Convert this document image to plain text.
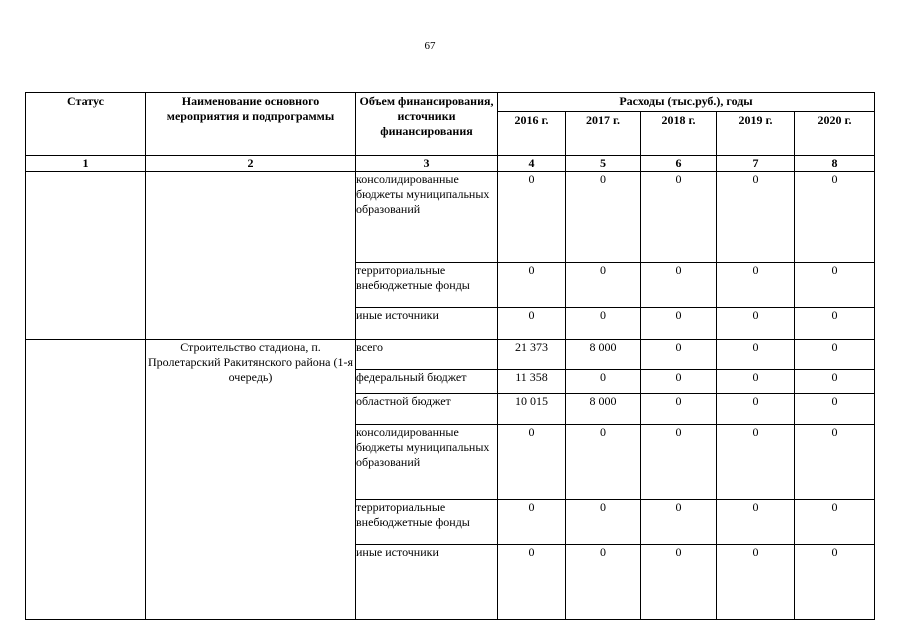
67
Статус	Наименование основного мероприятия и подпрограммы	Объем финансирования, источники финансирования	Расходы (тыс.руб.), годы				
			2016 г.	2017 г.	2018 г.	2019 г.	2020 г.
1	2	3	4	5	6	7	8
		консолидированные бюджеты муниципальных образований	0	0	0	0	0
		территориальные внебюджетные фонды	0	0	0	0	0
		иные источники	0	0	0	0	0
	Строительство стадиона, п. Пролетарский Ракитянского района (1-я очередь)	всего	21 373	8 000	0	0	0
		федеральный бюджет	11 358	0	0	0	0
		областной бюджет	10 015	8 000	0	0	0
		консолидированные бюджеты муниципальных образований	0	0	0	0	0
		территориальные внебюджетные фонды	0	0	0	0	0
		иные источники	0	0	0	0	0
